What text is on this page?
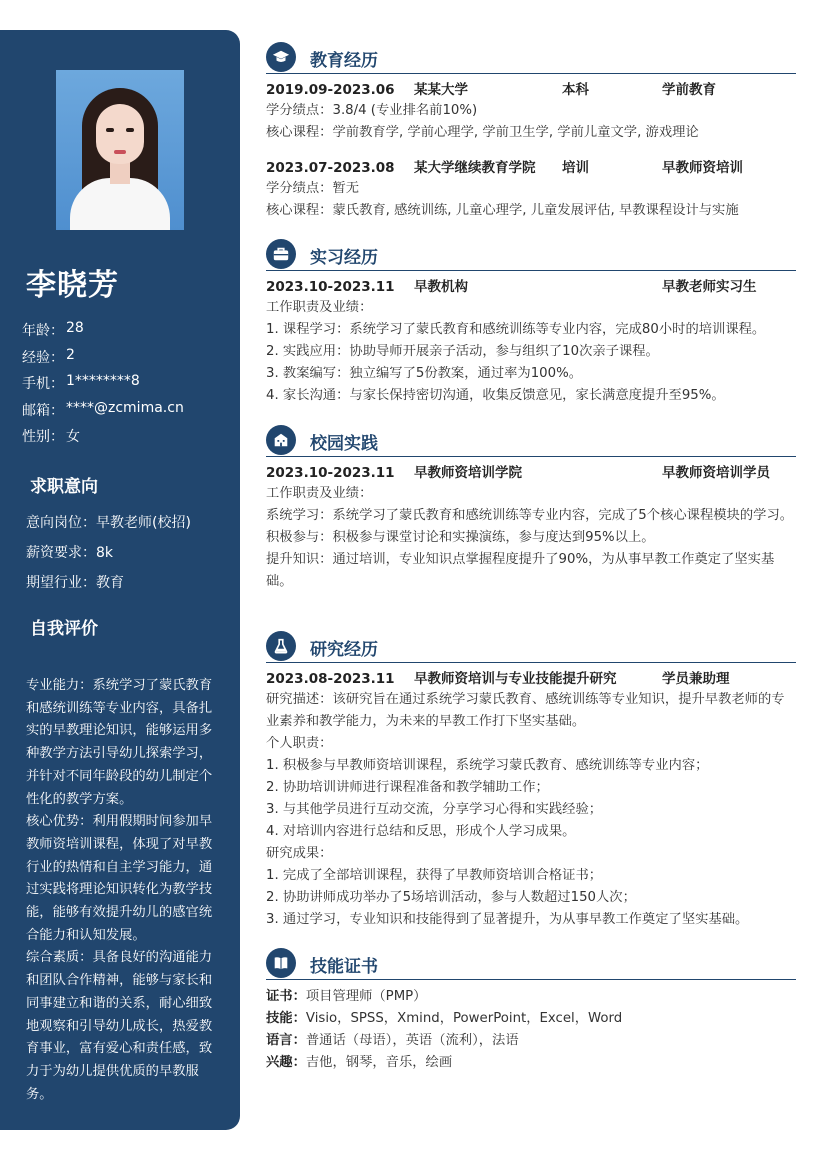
李晓芳
年龄： 28
经验： 2
手机： 1********8
邮箱： ****@zcmima.cn
性别： 女
求职意向
意向岗位：早教老师(校招)
薪资要求：8k
期望行业：教育
自我评价
专业能力：系统学习了蒙氏教育和感统训练等专业内容，具备扎实的早教理论知识，能够运用多种教学方法引导幼儿探索学习，并针对不同年龄段的幼儿制定个性化的教学方案。
核心优势：利用假期时间参加早教师资培训课程，体现了对早教行业的热情和自主学习能力，通过实践将理论知识转化为教学技能，能够有效提升幼儿的感官统合能力和认知发展。
综合素质：具备良好的沟通能力和团队合作精神，能够与家长和同事建立和谐的关系，耐心细致地观察和引导幼儿成长，热爱教育事业，富有爱心和责任感，致力于为幼儿提供优质的早教服务。
教育经历
2019.09-2023.06	某某大学	本科	学前教育
学分绩点：3.8/4 (专业排名前10%)
核心课程：学前教育学, 学前心理学, 学前卫生学, 学前儿童文学, 游戏理论
2023.07-2023.08	某大学继续教育学院	培训	早教师资培训
学分绩点：暂无
核心课程：蒙氏教育, 感统训练, 儿童心理学, 儿童发展评估, 早教课程设计与实施
实习经历
2023.10-2023.11	早教机构	早教老师实习生
工作职责及业绩：
1. 课程学习：系统学习了蒙氏教育和感统训练等专业内容，完成80小时的培训课程。
2. 实践应用：协助导师开展亲子活动，参与组织了10次亲子课程。
3. 教案编写：独立编写了5份教案，通过率为100%。
4. 家长沟通：与家长保持密切沟通，收集反馈意见，家长满意度提升至95%。
校园实践
2023.10-2023.11	早教师资培训学院	早教师资培训学员
工作职责及业绩：
系统学习：系统学习了蒙氏教育和感统训练等专业内容，完成了5个核心课程模块的学习。
积极参与：积极参与课堂讨论和实操演练，参与度达到95%以上。
提升知识：通过培训，专业知识点掌握程度提升了90%，为从事早教工作奠定了坚实基础。
研究经历
2023.08-2023.11	早教师资培训与专业技能提升研究	学员兼助理
研究描述：该研究旨在通过系统学习蒙氏教育、感统训练等专业知识，提升早教老师的专业素养和教学能力，为未来的早教工作打下坚实基础。
个人职责：
1. 积极参与早教师资培训课程，系统学习蒙氏教育、感统训练等专业内容；
2. 协助培训讲师进行课程准备和教学辅助工作；
3. 与其他学员进行互动交流，分享学习心得和实践经验；
4. 对培训内容进行总结和反思，形成个人学习成果。
研究成果：
1. 完成了全部培训课程，获得了早教师资培训合格证书；
2. 协助讲师成功举办了5场培训活动，参与人数超过150人次；
3. 通过学习，专业知识和技能得到了显著提升，为从事早教工作奠定了坚实基础。
技能证书
证书：项目管理师（PMP）
技能：Visio，SPSS，Xmind，PowerPoint，Excel，Word
语言：普通话（母语），英语（流利），法语
兴趣：吉他，钢琴，音乐，绘画
